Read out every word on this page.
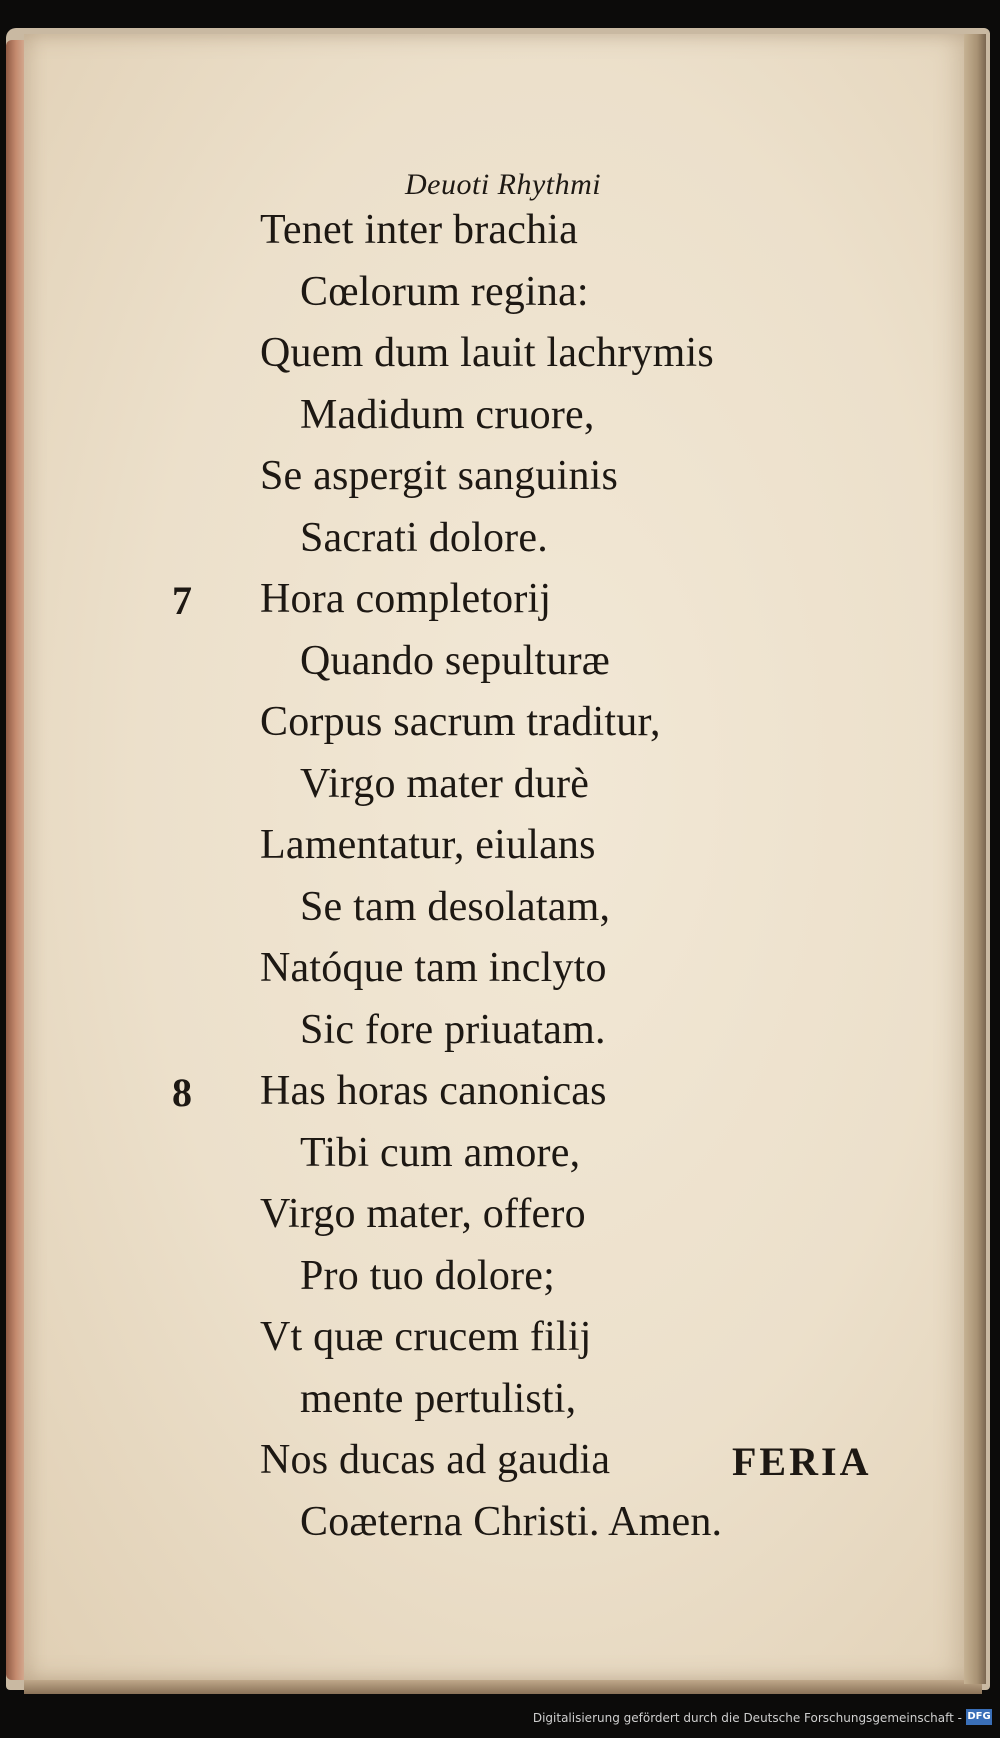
Deuoti Rhythmi
Tenet inter brachia
Cœlorum regina:
Quem dum lauit lachrymis
Madidum cruore,
Se aspergit sanguinis
Sacrati dolore.
Hora completorij
7
Quando sepulturæ
Corpus sacrum traditur,
Virgo mater durè
Lamentatur, eiulans
Se tam desolatam,
Natóque tam inclyto
Sic fore priuatam.
Has horas canonicas
8
Tibi cum amore,
Virgo mater, offero
Pro tuo dolore;
Vt quæ crucem filij
mente pertulisti,
Nos ducas ad gaudia
Coæterna Christi. Amen.
FERIA
Digitalisierung gefördert durch die Deutsche Forschungsgemeinschaft - DFG
